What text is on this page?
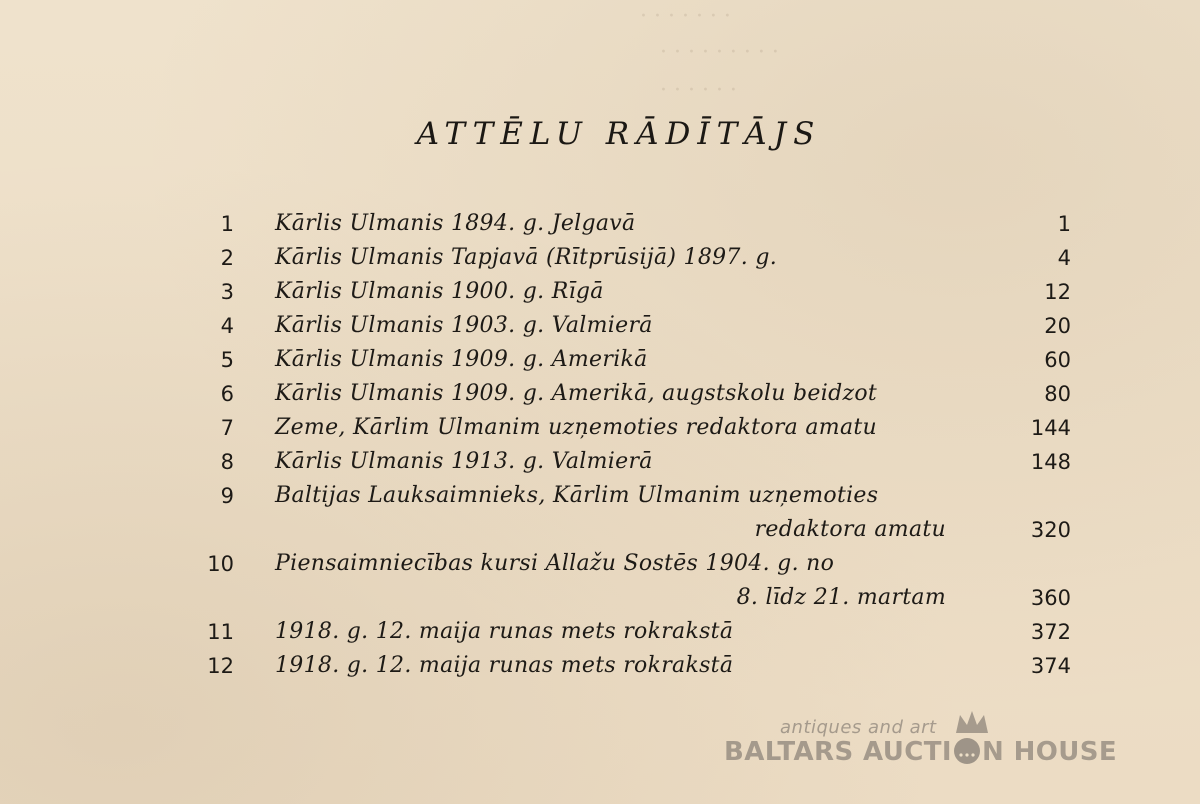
· · · · · · ·
· · · · · · · · ·
· · · · · ·
ATTĒLU RĀDĪTĀJS
1 Kārlis Ulmanis 1894. g. Jelgavā	1
2 Kārlis Ulmanis Tapjavā (Rītprūsijā) 1897. g.	4
3 Kārlis Ulmanis 1900. g. Rīgā	12
4 Kārlis Ulmanis 1903. g. Valmierā	20
5 Kārlis Ulmanis 1909. g. Amerikā	60
6 Kārlis Ulmanis 1909. g. Amerikā, augstskolu beidzot	80
7 Zeme, Kārlim Ulmanim uzņemoties redaktora amatu	144
8 Kārlis Ulmanis 1913. g. Valmierā	148
9 Baltijas Lauksaimnieks, Kārlim Ulmanim uzņemoties
redaktora amatu	320
10 Piensaimniecības kursi Allažu Sostēs 1904. g. no
8. līdz 21. martam	360
11 1918. g. 12. maija runas mets rokrakstā	372
12 1918. g. 12. maija runas mets rokrakstā	374
antiques and art
BALTARS AUCTI N HOUSE
